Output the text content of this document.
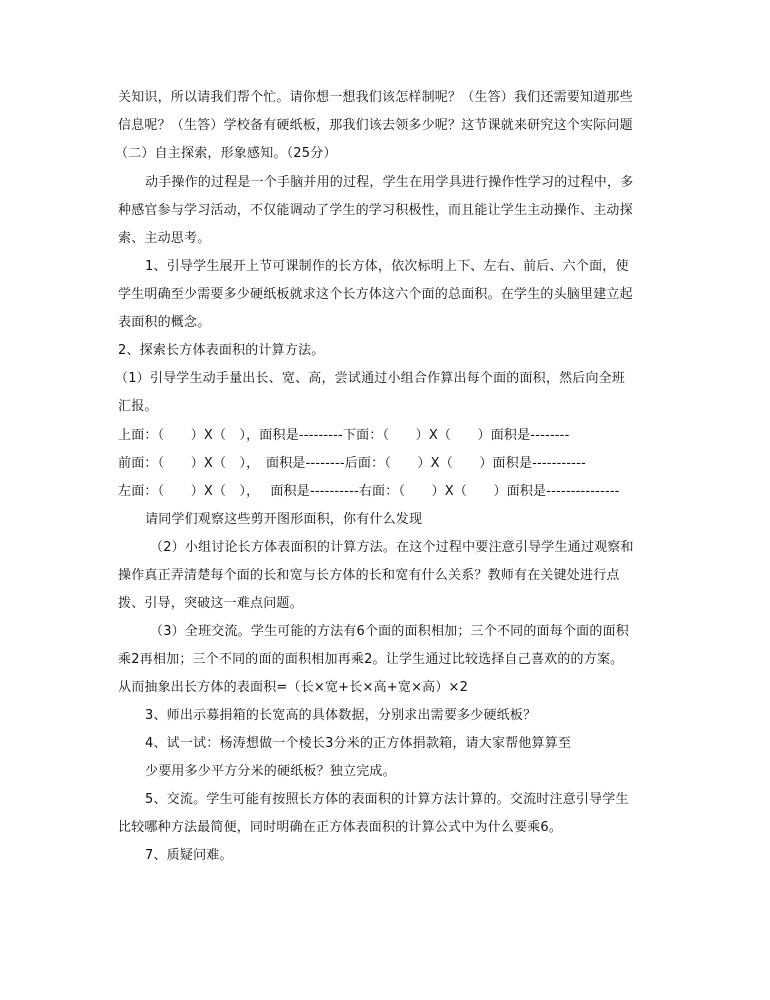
关知识，所以请我们帮个忙。请你想一想我们该怎样制呢？（生答）我们还需要知道那些
信息呢？（生答）学校备有硬纸板，那我们该去领多少呢？这节课就来研究这个实际问题
（二）自主探索，形象感知。（25分）
动手操作的过程是一个手脑并用的过程，学生在用学具进行操作性学习的过程中，多
种感官参与学习活动，不仅能调动了学生的学习积极性，而且能让学生主动操作、主动探
索、主动思考。
1、引导学生展开上节可课制作的长方体，依次标明上下、左右、前后、六个面，使
学生明确至少需要多少硬纸板就求这个长方体这六个面的总面积。在学生的头脑里建立起
表面积的概念。
2、探索长方体表面积的计算方法。
（1）引导学生动手量出长、宽、高，尝试通过小组合作算出每个面的面积，然后向全班
汇报。
上面：（　　）X（　），面积是---------下面：（　　）X（　　）面积是--------
前面：（　　）X（　），　面积是--------后面：（　　）X（　　）面积是-----------
左面：（　　）X（　），　 面积是----------右面：（　　）X（　　）面积是---------------
请同学们观察这些剪开图形面积，你有什么发现
（2）小组讨论长方体表面积的计算方法。在这个过程中要注意引导学生通过观察和
操作真正弄清楚每个面的长和宽与长方体的长和宽有什么关系？教师有在关键处进行点
拨、引导，突破这一难点问题。
（3）全班交流。学生可能的方法有6个面的面积相加；三个不同的面每个面的面积
乘2再相加；三个不同的面的面积相加再乘2。让学生通过比较选择自己喜欢的的方案。
从而抽象出长方体的表面积=（长×宽+长×高+宽×高）×2
3、师出示募捐箱的长宽高的具体数据，分别求出需要多少硬纸板？
4、试一试：杨涛想做一个棱长3分米的正方体捐款箱，请大家帮他算算至
少要用多少平方分米的硬纸板？独立完成。
5、交流。学生可能有按照长方体的表面积的计算方法计算的。交流时注意引导学生
比较哪种方法最简便，同时明确在正方体表面积的计算公式中为什么要乘6。
7、质疑问难。
